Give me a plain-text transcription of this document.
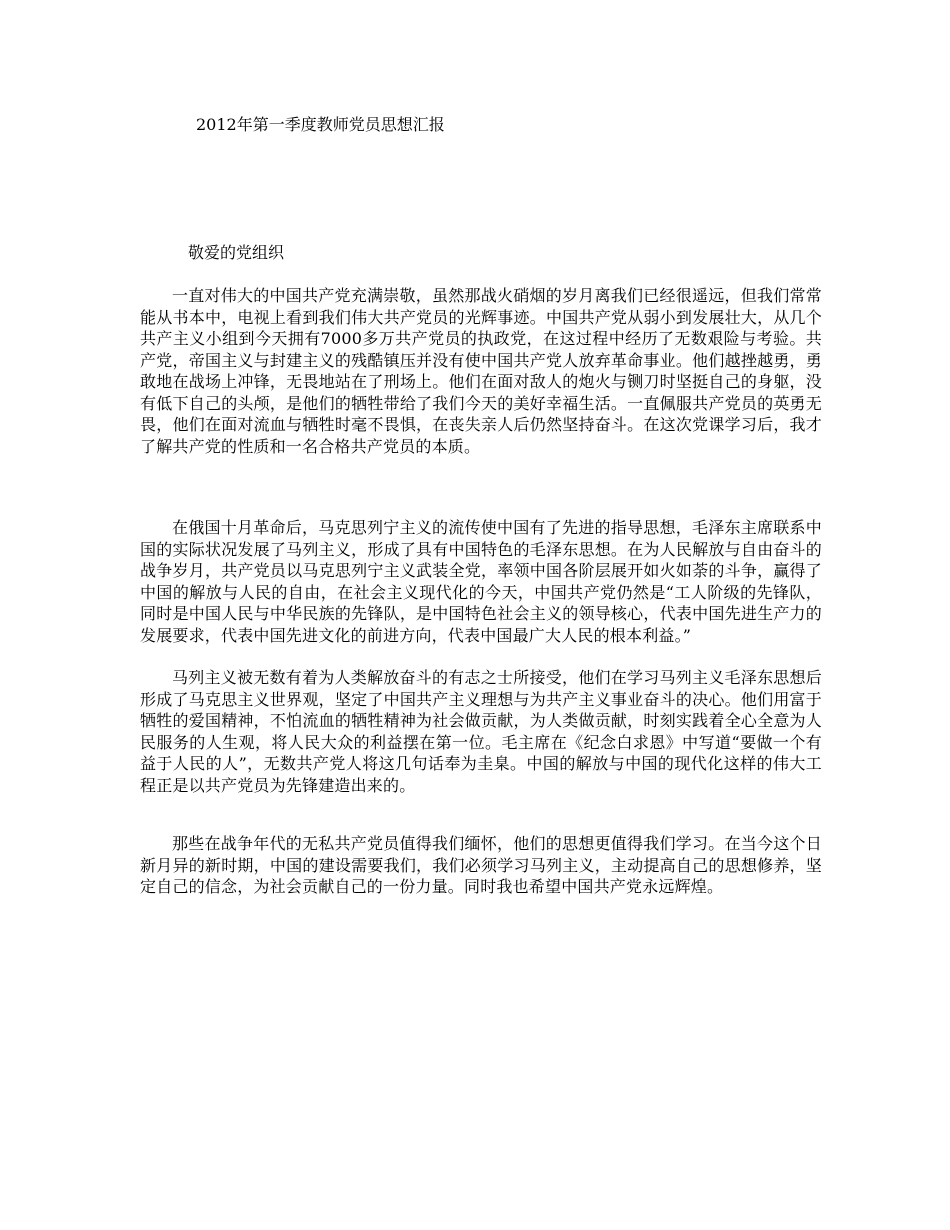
2012年第一季度教师党员思想汇报

敬爱的党组织

一直对伟大的中国共产党充满崇敬，虽然那战火硝烟的岁月离我们已经很遥远，但我们常常能从书本中，电视上看到我们伟大共产党员的光辉事迹。中国共产党从弱小到发展壮大，从几个共产主义小组到今天拥有7000多万共产党员的执政党，在这过程中经历了无数艰险与考验。共产党，帝国主义与封建主义的残酷镇压并没有使中国共产党人放弃革命事业。他们越挫越勇，勇敢地在战场上冲锋，无畏地站在了刑场上。他们在面对敌人的炮火与铡刀时坚挺自己的身躯，没有低下自己的头颅，是他们的牺牲带给了我们今天的美好幸福生活。一直佩服共产党员的英勇无畏，他们在面对流血与牺牲时毫不畏惧，在丧失亲人后仍然坚持奋斗。在这次党课学习后，我才了解共产党的性质和一名合格共产党员的本质。

在俄国十月革命后，马克思列宁主义的流传使中国有了先进的指导思想，毛泽东主席联系中国的实际状况发展了马列主义，形成了具有中国特色的毛泽东思想。在为人民解放与自由奋斗的战争岁月，共产党员以马克思列宁主义武装全党，率领中国各阶层展开如火如荼的斗争，赢得了中国的解放与人民的自由，在社会主义现代化的今天，中国共产党仍然是“工人阶级的先锋队，同时是中国人民与中华民族的先锋队，是中国特色社会主义的领导核心，代表中国先进生产力的发展要求，代表中国先进文化的前进方向，代表中国最广大人民的根本利益。”

马列主义被无数有着为人类解放奋斗的有志之士所接受，他们在学习马列主义毛泽东思想后形成了马克思主义世界观，坚定了中国共产主义理想与为共产主义事业奋斗的决心。他们用富于牺牲的爱国精神，不怕流血的牺牲精神为社会做贡献，为人类做贡献，时刻实践着全心全意为人民服务的人生观，将人民大众的利益摆在第一位。毛主席在《纪念白求恩》中写道“要做一个有益于人民的人”，无数共产党人将这几句话奉为圭臬。中国的解放与中国的现代化这样的伟大工程正是以共产党员为先锋建造出来的。

那些在战争年代的无私共产党员值得我们缅怀，他们的思想更值得我们学习。在当今这个日新月异的新时期，中国的建设需要我们，我们必须学习马列主义，主动提高自己的思想修养，坚定自己的信念，为社会贡献自己的一份力量。同时我也希望中国共产党永远辉煌。
